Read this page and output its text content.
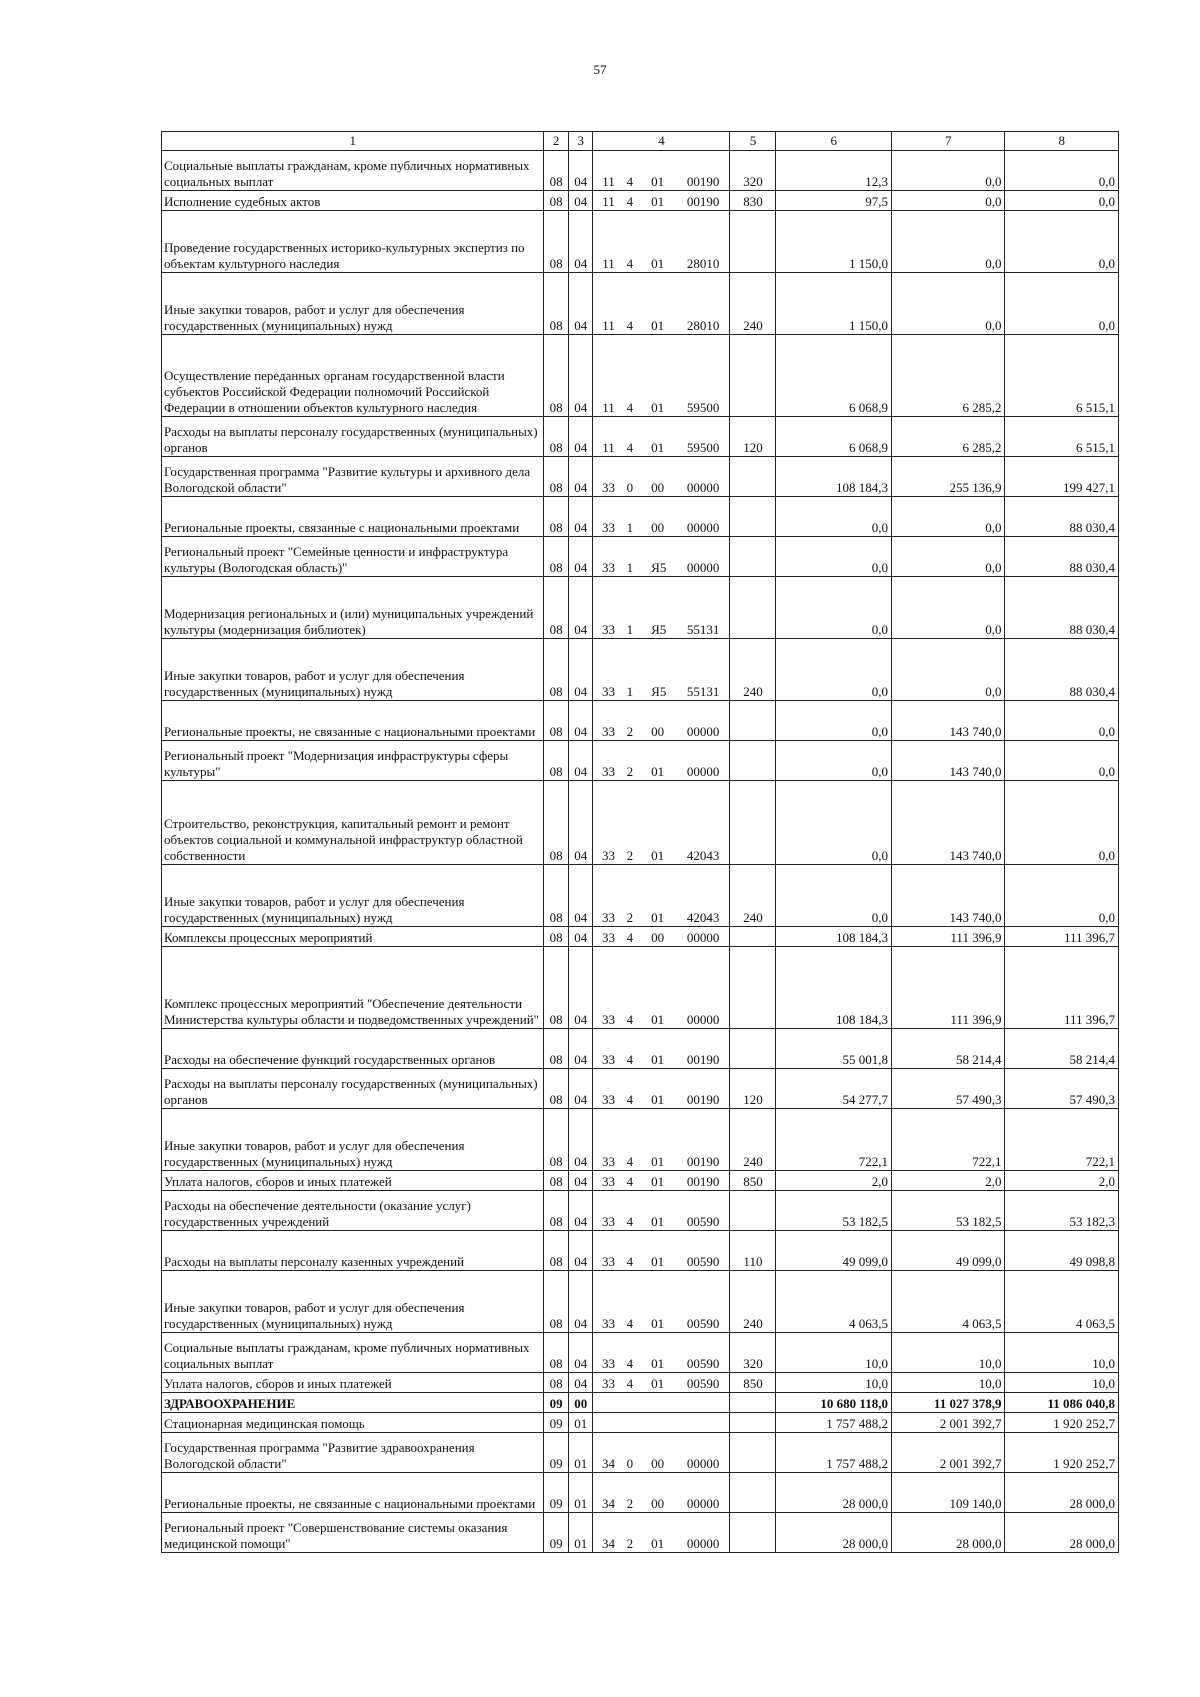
57
1	2	3	4				5	6	7	8
Социальные выплаты гражданам, кроме публичных нормативных социальных выплат	08	04	11	4	01	00190	320	12,3	0,0	0,0
Исполнение судебных актов	08	04	11	4	01	00190	830	97,5	0,0	0,0
Проведение государственных историко-культурных экспертиз по объектам культурного наследия	08	04	11	4	01	28010		1 150,0	0,0	0,0
Иные закупки товаров, работ и услуг для обеспечения государственных (муниципальных) нужд	08	04	11	4	01	28010	240	1 150,0	0,0	0,0
Осуществление переданных органам государственной власти субъектов Российской Федерации полномочий Российской Федерации в отношении объектов культурного наследия	08	04	11	4	01	59500		6 068,9	6 285,2	6 515,1
Расходы на выплаты персоналу государственных (муниципальных) органов	08	04	11	4	01	59500	120	6 068,9	6 285,2	6 515,1
Государственная программа "Развитие культуры и архивного дела Вологодской области"	08	04	33	0	00	00000		108 184,3	255 136,9	199 427,1
Региональные проекты, связанные с национальными проектами	08	04	33	1	00	00000		0,0	0,0	88 030,4
Региональный проект "Семейные ценности и инфраструктура культуры (Вологодская область)"	08	04	33	1	Я5	00000		0,0	0,0	88 030,4
Модернизация региональных и (или) муниципальных учреждений культуры (модернизация библиотек)	08	04	33	1	Я5	55131		0,0	0,0	88 030,4
Иные закупки товаров, работ и услуг для обеспечения государственных (муниципальных) нужд	08	04	33	1	Я5	55131	240	0,0	0,0	88 030,4
Региональные проекты, не связанные с национальными проектами	08	04	33	2	00	00000		0,0	143 740,0	0,0
Региональный проект "Модернизация инфраструктуры сферы культуры"	08	04	33	2	01	00000		0,0	143 740,0	0,0
Строительство, реконструкция, капитальный ремонт и ремонт объектов социальной и коммунальной инфраструктур областной собственности	08	04	33	2	01	42043		0,0	143 740,0	0,0
Иные закупки товаров, работ и услуг для обеспечения государственных (муниципальных) нужд	08	04	33	2	01	42043	240	0,0	143 740,0	0,0
Комплексы процессных мероприятий	08	04	33	4	00	00000		108 184,3	111 396,9	111 396,7
Комплекс процессных мероприятий "Обеспечение деятельности Министерства культуры области и подведомственных учреждений"	08	04	33	4	01	00000		108 184,3	111 396,9	111 396,7
Расходы на обеспечение функций государственных органов	08	04	33	4	01	00190		55 001,8	58 214,4	58 214,4
Расходы на выплаты персоналу государственных (муниципальных) органов	08	04	33	4	01	00190	120	54 277,7	57 490,3	57 490,3
Иные закупки товаров, работ и услуг для обеспечения государственных (муниципальных) нужд	08	04	33	4	01	00190	240	722,1	722,1	722,1
Уплата налогов, сборов и иных платежей	08	04	33	4	01	00190	850	2,0	2,0	2,0
Расходы на обеспечение деятельности (оказание услуг) государственных учреждений	08	04	33	4	01	00590		53 182,5	53 182,5	53 182,3
Расходы на выплаты персоналу казенных учреждений	08	04	33	4	01	00590	110	49 099,0	49 099,0	49 098,8
Иные закупки товаров, работ и услуг для обеспечения государственных (муниципальных) нужд	08	04	33	4	01	00590	240	4 063,5	4 063,5	4 063,5
Социальные выплаты гражданам, кроме публичных нормативных социальных выплат	08	04	33	4	01	00590	320	10,0	10,0	10,0
Уплата налогов, сборов и иных платежей	08	04	33	4	01	00590	850	10,0	10,0	10,0
ЗДРАВООХРАНЕНИЕ	09	00						10 680 118,0	11 027 378,9	11 086 040,8
Стационарная медицинская помощь	09	01						1 757 488,2	2 001 392,7	1 920 252,7
Государственная программа "Развитие здравоохранения Вологодской области"	09	01	34	0	00	00000		1 757 488,2	2 001 392,7	1 920 252,7
Региональные проекты, не связанные с национальными проектами	09	01	34	2	00	00000		28 000,0	109 140,0	28 000,0
Региональный проект "Совершенствование системы оказания медицинской помощи"	09	01	34	2	01	00000		28 000,0	28 000,0	28 000,0
